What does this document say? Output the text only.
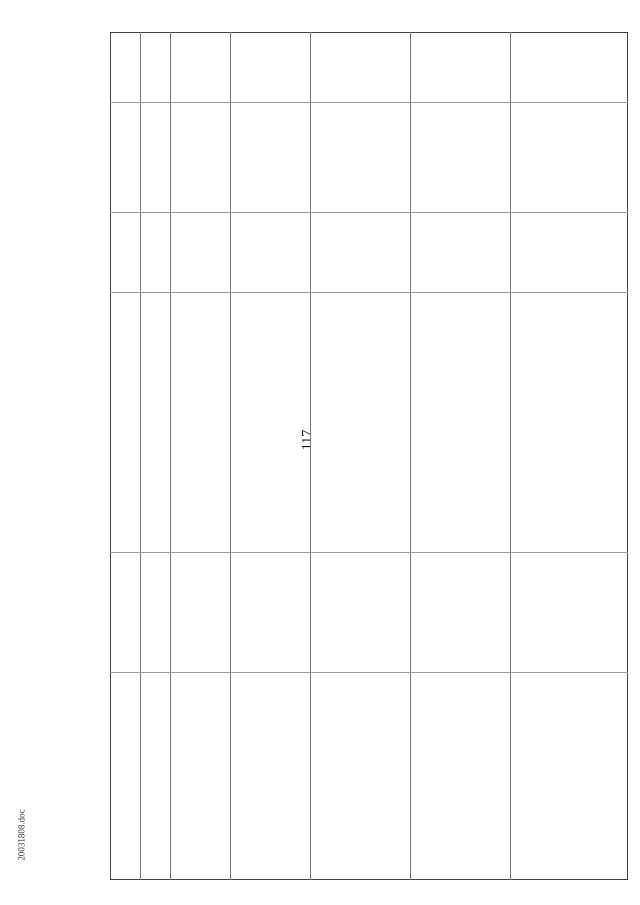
117
20031808.doc
